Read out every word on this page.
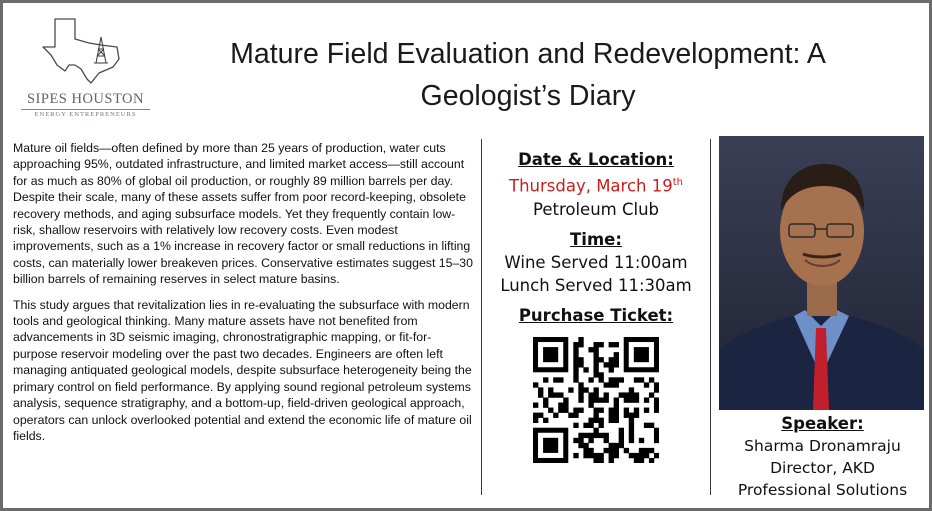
SIPES HOUSTON
ENERGY ENTREPRENEURS
Mature Field Evaluation and Redevelopment: A
Geologist’s Diary

Mature oil fields—often defined by more than 25 years of production, water cuts approaching 95%, outdated infrastructure, and limited market access—still account for as much as 80% of global oil production, or roughly 89 million barrels per day. Despite their scale, many of these assets suffer from poor record-keeping, obsolete recovery methods, and aging subsurface models. Yet they frequently contain low-risk, shallow reservoirs with relatively low recovery costs. Even modest improvements, such as a 1% increase in recovery factor or small reductions in lifting costs, can materially lower breakeven prices. Conservative estimates suggest 15–30 billion barrels of remaining reserves in select mature basins.

This study argues that revitalization lies in re-evaluating the subsurface with modern tools and geological thinking. Many mature assets have not benefited from advancements in 3D seismic imaging, chronostratigraphic mapping, or fit-for-purpose reservoir modeling over the past two decades. Engineers are often left managing antiquated geological models, despite subsurface heterogeneity being the primary control on field performance. By applying sound regional petroleum systems analysis, sequence stratigraphy, and a bottom-up, field-driven geological approach, operators can unlock overlooked potential and extend the economic life of mature oil fields.

Date & Location:
Thursday, March 19th
Petroleum Club
Time:
Wine Served 11:00am
Lunch Served 11:30am
Purchase Ticket:
Speaker:
Sharma Dronamraju
Director, AKD
Professional Solutions
